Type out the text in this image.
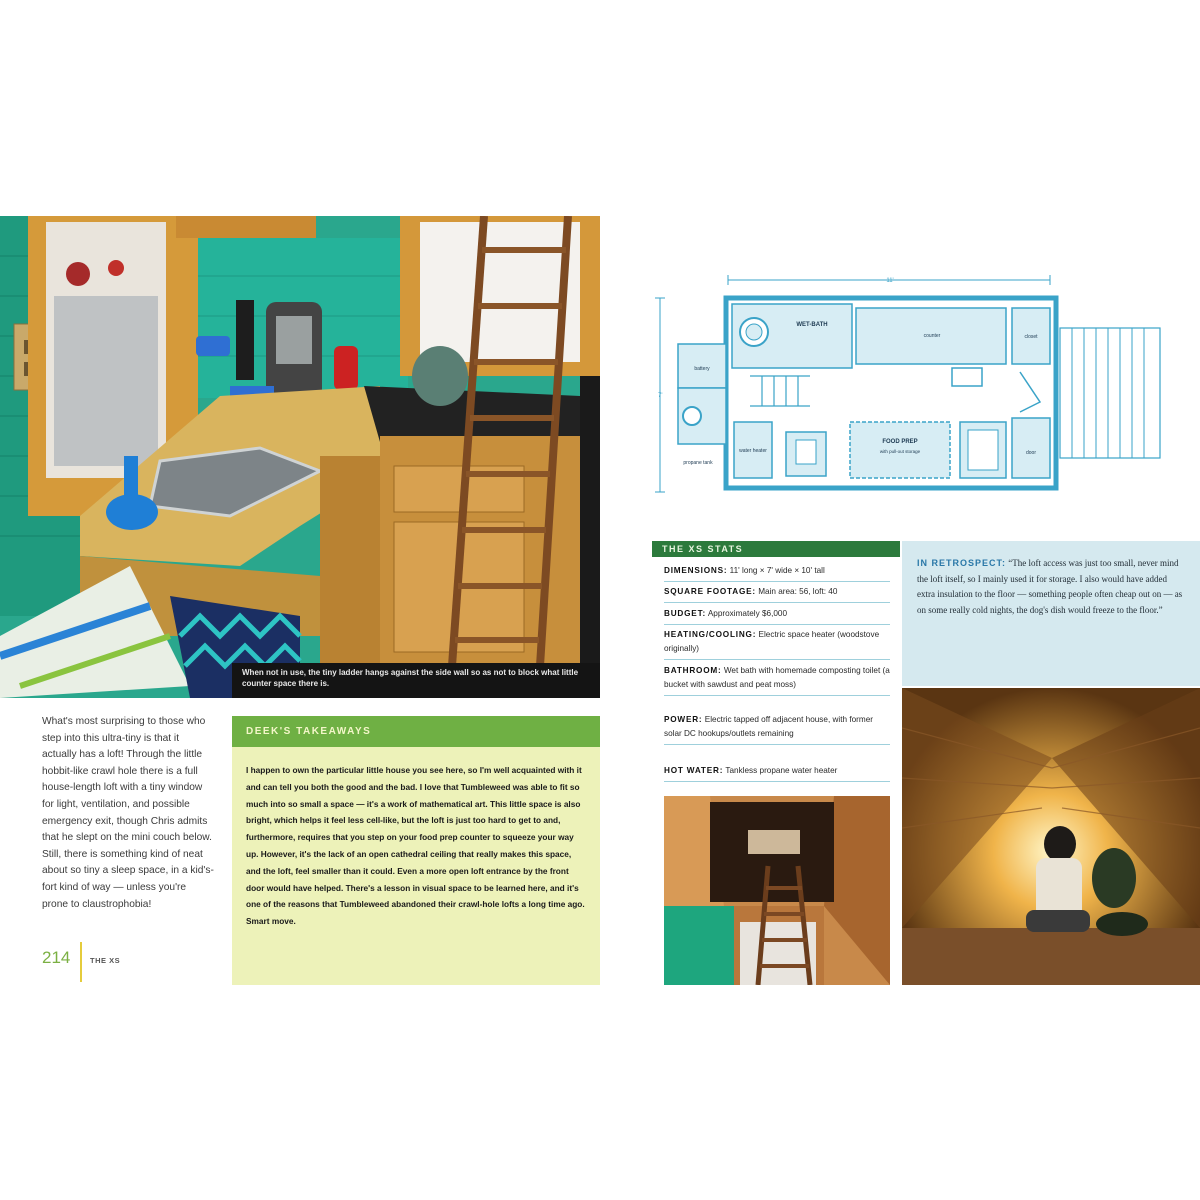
When not in use, the tiny ladder hangs against the side wall so as not to block what little counter space there is.
What's most surprising to those who step into this ultra-tiny is that it actually has a loft! Through the little hobbit-like crawl hole there is a full house-length loft with a tiny window for light, ventilation, and possible emergency exit, though Chris admits that he slept on the mini couch below. Still, there is something kind of neat about so tiny a sleep space, in a kid's-fort kind of way — unless you're prone to claustrophobia!
214	THE XS
DEEK'S TAKEAWAYS
I happen to own the particular little house you see here, so I'm well acquainted with it and can tell you both the good and the bad. I love that Tumbleweed was able to fit so much into so small a space — it's a work of mathematical art. This little space is also bright, which helps it feel less cell-like, but the loft is just too hard to get to and, furthermore, requires that you step on your food prep counter to squeeze your way up. However, it's the lack of an open cathedral ceiling that really makes this space, and the loft, feel smaller than it could. Even a more open loft entrance by the front door would have helped. There's a lesson in visual space to be learned here, and it's one of the reasons that Tumbleweed abandoned their crawl-hole lofts a long time ago. Smart move.
11'
7'
WET-BATH
counter	closet
battery
propane tank
water heater
FOOD PREP
with pull-out storage	door
THE XS STATS
DIMENSIONS: 11' long × 7' wide × 10' tall
SQUARE FOOTAGE: Main area: 56, loft: 40
BUDGET: Approximately $6,000
HEATING/COOLING: Electric space heater (woodstove originally)
BATHROOM: Wet bath with homemade composting toilet (a bucket with sawdust and peat moss)
POWER: Electric tapped off adjacent house, with former solar DC hookups/outlets remaining
HOT WATER: Tankless propane water heater
IN RETROSPECT: “The loft access was just too small, never mind the loft itself, so I mainly used it for storage. I also would have added extra insulation to the floor — something people often cheap out on — as on some really cold nights, the dog's dish would freeze to the floor.”
